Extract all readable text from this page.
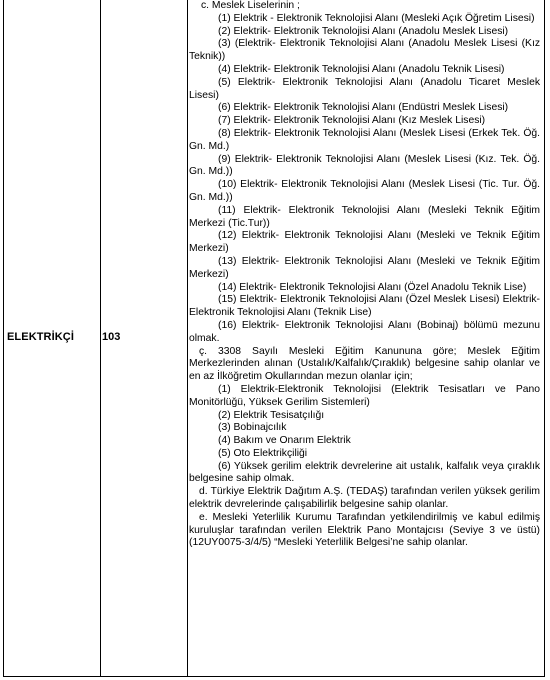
ELEKTRİKÇİ	103

c. Meslek Liselerinin ;

(1) Elektrik - Elektronik Teknolojisi Alanı (Mesleki Açık Öğretim Lisesi)

(2) Elektrik- Elektronik Teknolojisi Alanı (Anadolu Meslek Lisesi)

(3) (Elektrik- Elektronik Teknolojisi Alanı (Anadolu Meslek Lisesi (Kız Teknik))

(4) Elektrik- Elektronik Teknolojisi Alanı (Anadolu Teknik Lisesi)

(5) Elektrik- Elektronik Teknolojisi Alanı (Anadolu Ticaret Meslek Lisesi)

(6) Elektrik- Elektronik Teknolojisi Alanı (Endüstri Meslek Lisesi)

(7) Elektrik- Elektronik Teknolojisi Alanı (Kız Meslek Lisesi)

(8) Elektrik- Elektronik Teknolojisi Alanı (Meslek Lisesi (Erkek Tek. Öğ. Gn. Md.)

(9) Elektrik- Elektronik Teknolojisi Alanı (Meslek Lisesi (Kız. Tek. Öğ. Gn. Md.))

(10) Elektrik- Elektronik Teknolojisi Alanı (Meslek Lisesi (Tic. Tur. Öğ. Gn. Md.))

(11) Elektrik- Elektronik Teknolojisi Alanı (Mesleki Teknik Eğitim Merkezi (Tic.Tur))

(12) Elektrik- Elektronik Teknolojisi Alanı (Mesleki ve Teknik Eğitim Merkezi)

(13) Elektrik- Elektronik Teknolojisi Alanı (Mesleki ve Teknik Eğitim Merkezi)

(14) Elektrik- Elektronik Teknolojisi Alanı (Özel Anadolu Teknik Lise)

(15) Elektrik- Elektronik Teknolojisi Alanı (Özel Meslek Lisesi) Elektrik- Elektronik Teknolojisi Alanı (Teknik Lise)

(16) Elektrik- Elektronik Teknolojisi Alanı (Bobinaj) bölümü mezunu olmak.

ç. 3308 Sayılı Mesleki Eğitim Kanununa göre; Meslek Eğitim Merkezlerinden alınan (Ustalık/Kalfalık/Çıraklık) belgesine sahip olanlar ve en az İlköğretim Okullarından mezun olanlar için;

(1) Elektrik-Elektronik Teknolojisi (Elektrik Tesisatları ve Pano Monitörlüğü, Yüksek Gerilim Sistemleri)

(2) Elektrik Tesisatçılığı

(3) Bobinajcılık

(4) Bakım ve Onarım Elektrik

(5) Oto Elektrikçiliği

(6) Yüksek gerilim elektrik devrelerine ait ustalık, kalfalık veya çıraklık belgesine sahip olmak.

d. Türkiye Elektrik Dağıtım A.Ş. (TEDAŞ) tarafından verilen yüksek gerilim elektrik devrelerinde çalışabilirlik belgesine sahip olanlar.

e. Mesleki Yeterlilik Kurumu Tarafından yetkilendirilmiş ve kabul edilmiş kuruluşlar tarafından verilen Elektrik Pano Montajcısı (Seviye 3 ve üstü) (12UY0075-3/4/5) “Mesleki Yeterlilik Belgesi’ne sahip olanlar.
